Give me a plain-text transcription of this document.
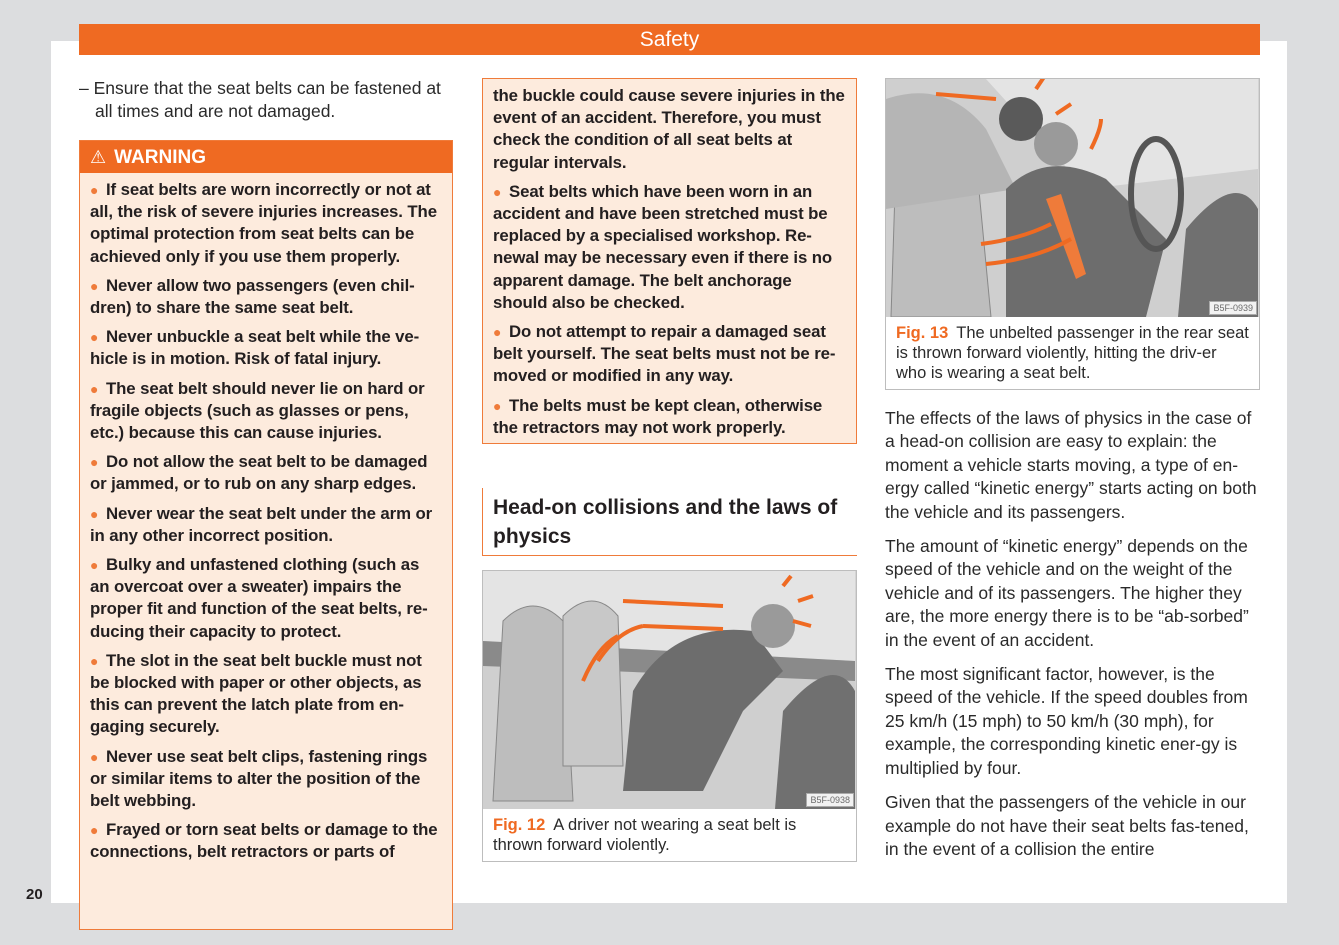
Safety
20
– Ensure that the seat belts can be fastened at all times and are not damaged.
⚠ WARNING
● If seat belts are worn incorrectly or not at all, the risk of severe injuries increases. The optimal protection from seat belts can be achieved only if you use them properly.
● Never allow two passengers (even chil-dren) to share the same seat belt.
● Never unbuckle a seat belt while the ve-hicle is in motion. Risk of fatal injury.
● The seat belt should never lie on hard or fragile objects (such as glasses or pens, etc.) because this can cause injuries.
● Do not allow the seat belt to be damaged or jammed, or to rub on any sharp edges.
● Never wear the seat belt under the arm or in any other incorrect position.
● Bulky and unfastened clothing (such as an overcoat over a sweater) impairs the proper fit and function of the seat belts, re-ducing their capacity to protect.
● The slot in the seat belt buckle must not be blocked with paper or other objects, as this can prevent the latch plate from en-gaging securely.
● Never use seat belt clips, fastening rings or similar items to alter the position of the belt webbing.
● Frayed or torn seat belts or damage to the connections, belt retractors or parts of
the buckle could cause severe injuries in the event of an accident. Therefore, you must check the condition of all seat belts at regular intervals.
● Seat belts which have been worn in an accident and have been stretched must be replaced by a specialised workshop. Re-newal may be necessary even if there is no apparent damage. The belt anchorage should also be checked.
● Do not attempt to repair a damaged seat belt yourself. The seat belts must not be re-moved or modified in any way.
● The belts must be kept clean, otherwise the retractors may not work properly.
Head-on collisions and the laws of physics
B5F-0938
Fig. 12 A driver not wearing a seat belt is thrown forward violently.
B5F-0939
Fig. 13 The unbelted passenger in the rear seat is thrown forward violently, hitting the driv-er who is wearing a seat belt.
The effects of the laws of physics in the case of a head-on collision are easy to explain: the moment a vehicle starts moving, a type of en-ergy called “kinetic energy” starts acting on both the vehicle and its passengers.
The amount of “kinetic energy” depends on the speed of the vehicle and on the weight of the vehicle and of its passengers. The higher they are, the more energy there is to be “ab-sorbed” in the event of an accident.
The most significant factor, however, is the speed of the vehicle. If the speed doubles from 25 km/h (15 mph) to 50 km/h (30 mph), for example, the corresponding kinetic ener-gy is multiplied by four.
Given that the passengers of the vehicle in our example do not have their seat belts fas-tened, in the event of a collision the entire
